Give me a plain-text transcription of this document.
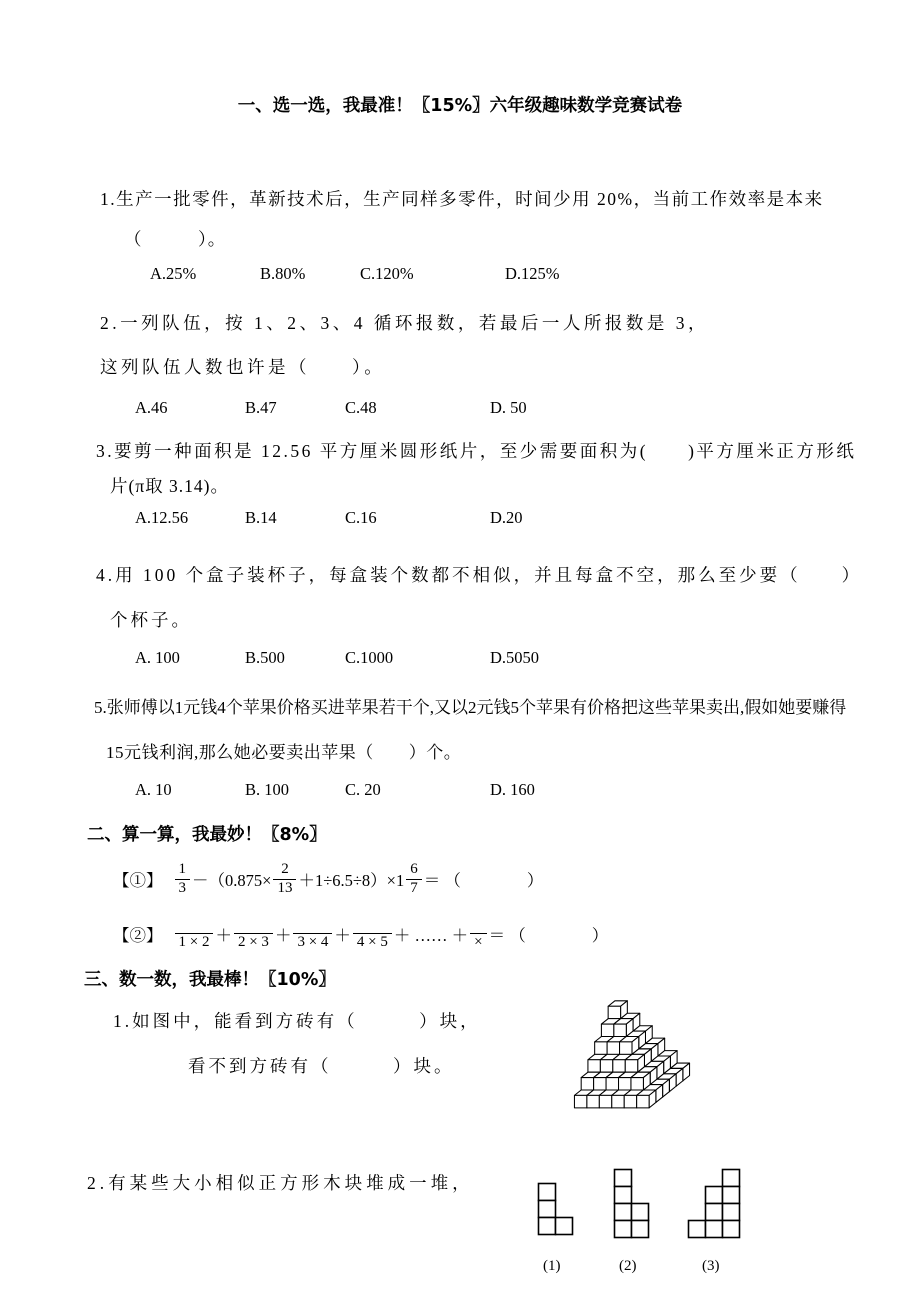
一、选一选，我最准！〖15%〗六年级趣味数学竞赛试卷
1.生产一批零件，革新技术后，生产同样多零件，时间少用 20%，当前工作效率是本来
（　　　）。
A.25%	B.80%	C.120%	D.125%
2.一列队伍，按 1、2、3、4 循环报数，若最后一人所报数是 3，
这列队伍人数也许是（　　）。
A.46	B.47	C.48	D. 50
3.要剪一种面积是 12.56 平方厘米圆形纸片，至少需要面积为(　　)平方厘米正方形纸
片(π取 3.14)。
A.12.56	B.14	C.16	D.20
4.用 100 个盒子装杯子，每盒装个数都不相似，并且每盒不空，那么至少要（　　）
个杯子。
A. 100	B.500	C.1000	D.5050
5.张师傅以1元钱4个苹果价格买进苹果若干个,又以2元钱5个苹果有价格把这些苹果卖出,假如她要赚得
15元钱利润,那么她必要卖出苹果（　　）个。
A. 10	B. 100	C. 20	D. 160
二、算一算，我最妙！〖8%〗
【①】 $\frac{1}{3} -(0.875\times \frac{2}{13} +1\div 6.5\div 8)\times 1 \frac{6}{7}$ ＝ （　　　　）
【②】 1 × 2 ＋ 2 × 3 ＋ 3 × 4 ＋ 4 × 5 ＋ …… ＋ × ＝ （　　　　）
三、数一数，我最棒！〖10%〗
1.如图中，能看到方砖有（　　　）块，
看不到方砖有（　　　）块。
2.有某些大小相似正方形木块堆成一堆，
(1)	(2)	(3)
